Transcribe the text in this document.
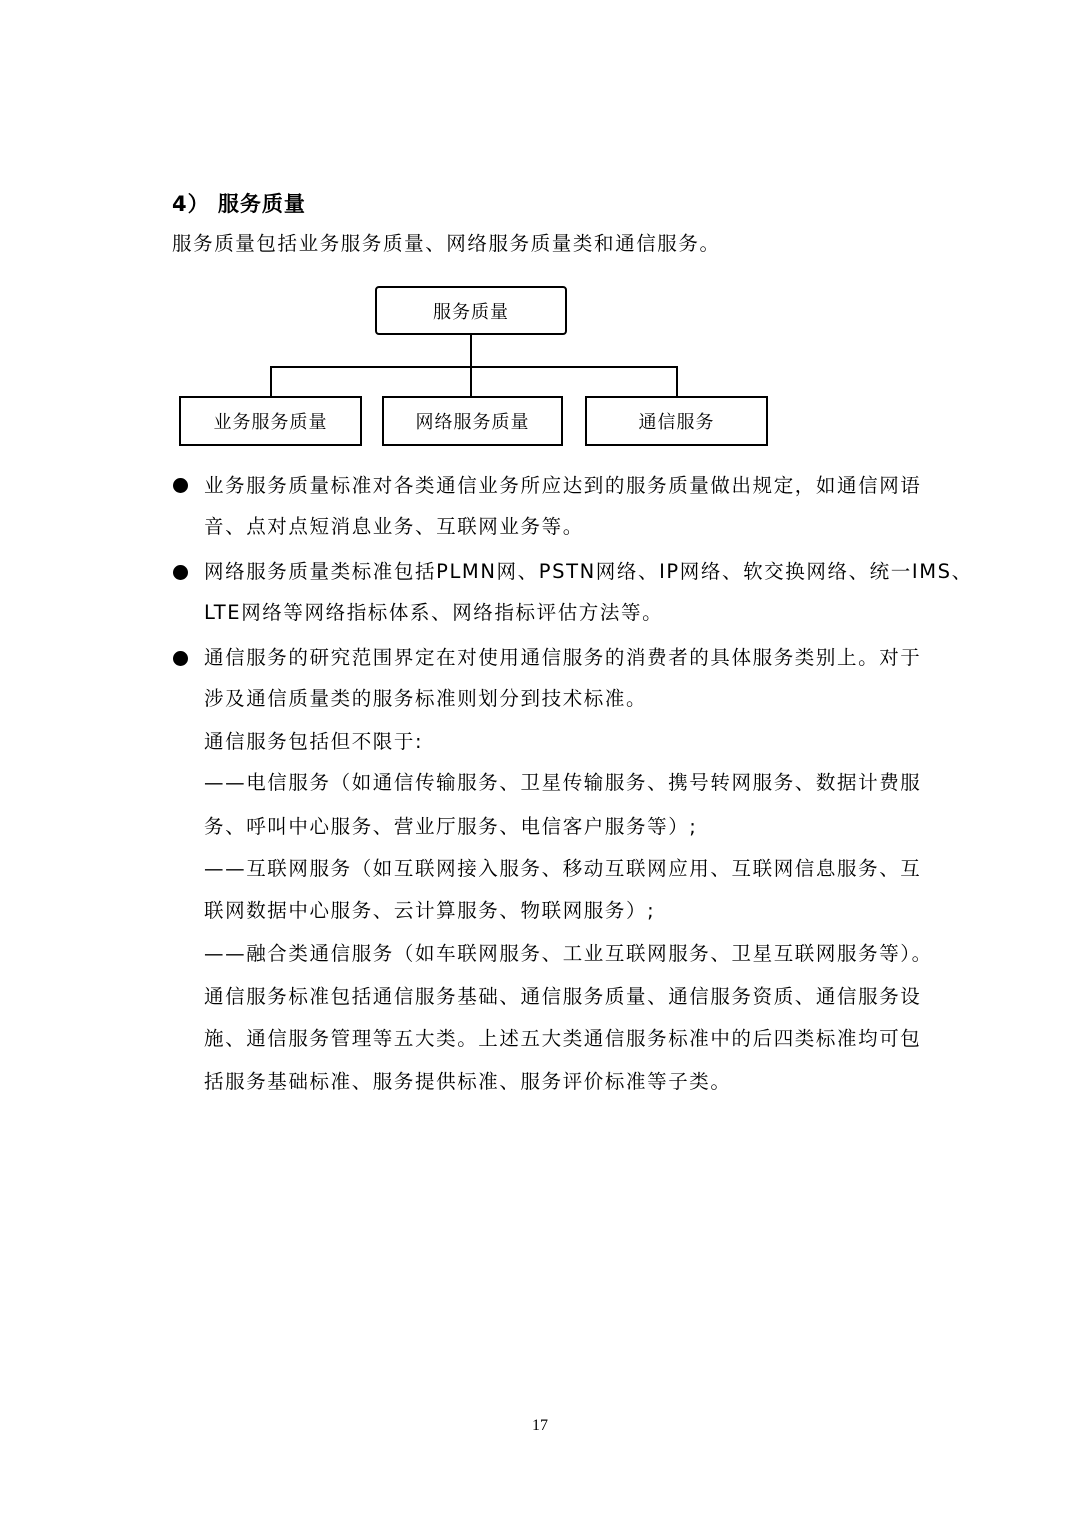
4） 服务质量
服务质量包括业务服务质量、网络服务质量类和通信服务。
服务质量
业务服务质量	网络服务质量	通信服务
业务服务质量标准对各类通信业务所应达到的服务质量做出规定，如通信网语
音、点对点短消息业务、互联网业务等。
网络服务质量类标准包括PLMN网、PSTN网络、IP网络、软交换网络、统一IMS、
LTE网络等网络指标体系、网络指标评估方法等。
通信服务的研究范围界定在对使用通信服务的消费者的具体服务类别上。对于
涉及通信质量类的服务标准则划分到技术标准。
通信服务包括但不限于:
——电信服务（如通信传输服务、卫星传输服务、携号转网服务、数据计费服
务、呼叫中心服务、营业厅服务、电信客户服务等）;
——互联网服务（如互联网接入服务、移动互联网应用、互联网信息服务、互
联网数据中心服务、云计算服务、物联网服务）;
——融合类通信服务（如车联网服务、工业互联网服务、卫星互联网服务等）。
通信服务标准包括通信服务基础、通信服务质量、通信服务资质、通信服务设
施、通信服务管理等五大类。上述五大类通信服务标准中的后四类标准均可包
括服务基础标准、服务提供标准、服务评价标准等子类。
17
